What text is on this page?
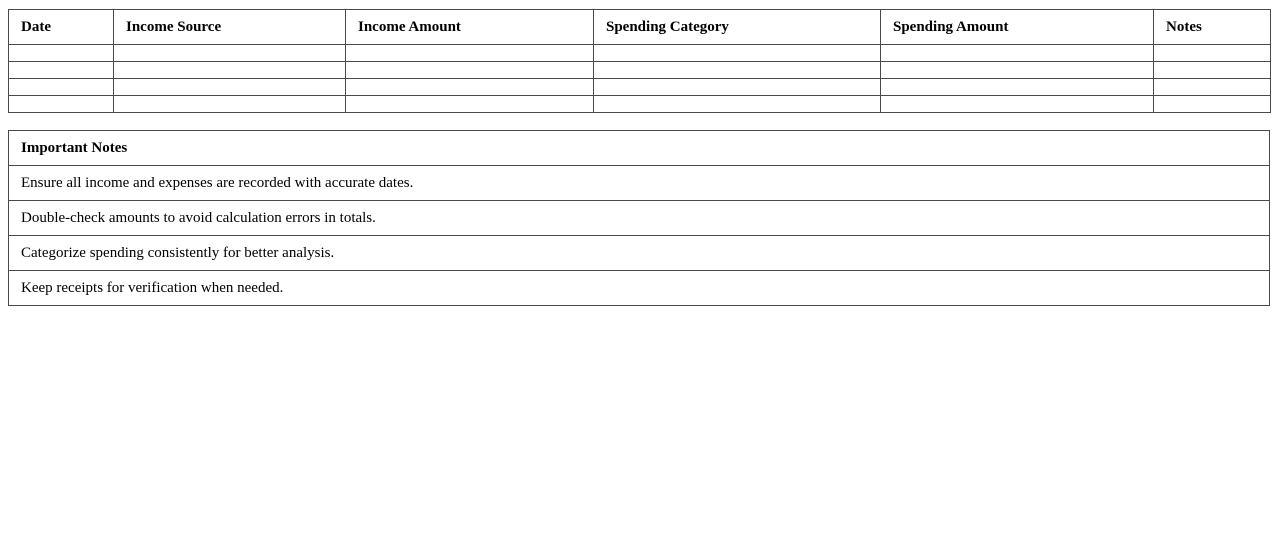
Date	Income Source	Income Amount	Spending Category	Spending Amount	Notes

Important Notes
Ensure all income and expenses are recorded with accurate dates.
Double-check amounts to avoid calculation errors in totals.
Categorize spending consistently for better analysis.
Keep receipts for verification when needed.
